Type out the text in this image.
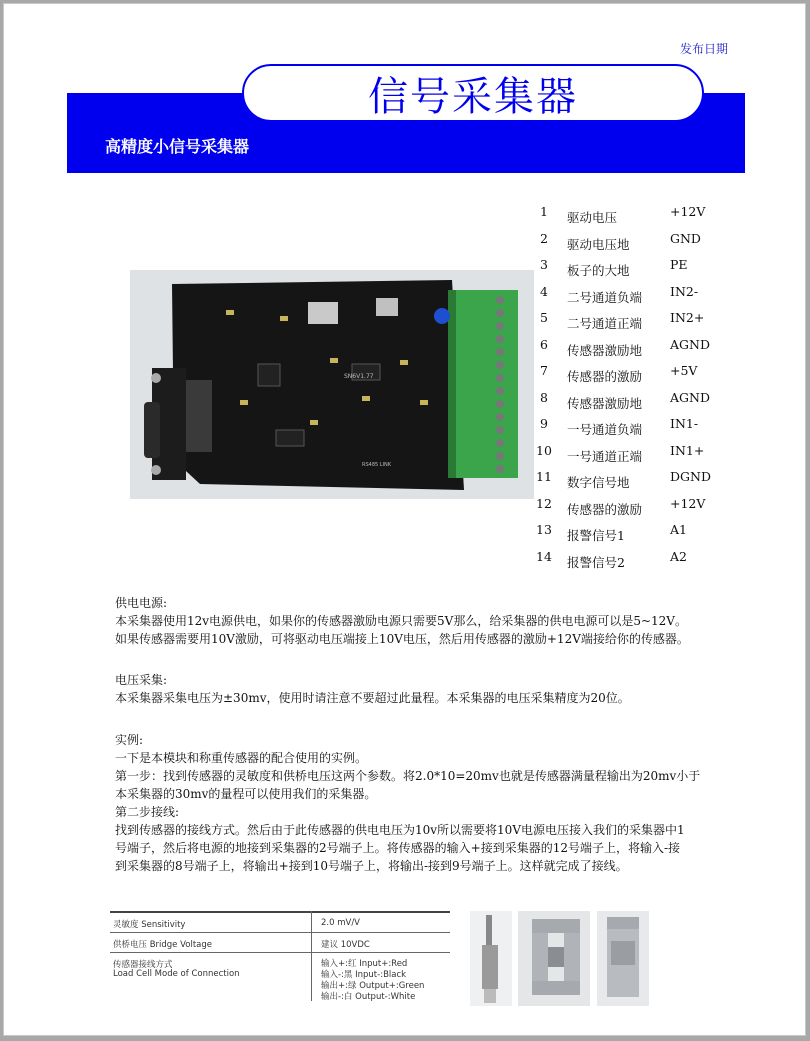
发布日期
高精度小信号采集器
信号采集器
SN6V1.77
RS485 LINK
1	驱动电压	+12V
2	驱动电压地	GND
3	板子的大地	PE
4	二号通道负端 IN2-
5	二号通道正端 IN2+
6	传感器激励地 AGND
7	传感器的激励 +5V
8	传感器激励地 AGND
9	一号通道负端 IN1-
10 一号通道正端 IN1+
11 数字信号地	DGND
12 传感器的激励 +12V
13 报警信号1	A1
14 报警信号2	A2
供电电源:
本采集器使用12v电源供电，如果你的传感器激励电源只需要5V那么，给采集器的供电电源可以是5~12V。
如果传感器需要用10V激励，可将驱动电压端接上10V电压，然后用传感器的激励+12V端接给你的传感器。
电压采集:
本采集器采集电压为±30mv，使用时请注意不要超过此量程。本采集器的电压采集精度为20位。
实例:
一下是本模块和称重传感器的配合使用的实例。
第一步：找到传感器的灵敏度和供桥电压这两个参数。将2.0*10=20mv也就是传感器满量程输出为20mv小于
本采集器的30mv的量程可以使用我们的采集器。
第二步接线:
找到传感器的接线方式。然后由于此传感器的供电电压为10v所以需要将10V电源电压接入我们的采集器中1
号端子，然后将电源的地接到采集器的2号端子上。将传感器的输入+接到采集器的12号端子上，将输入-接
到采集器的8号端子上，将输出+接到10号端子上，将输出-接到9号端子上。这样就完成了接线。
灵敏度 Sensitivity	2.0 mV/V
供桥电压 Bridge Voltage	建议 10VDC
传感器接线方式
Load Cell Mode of Connection
输入+:红 Input+:Red
输入-:黑 Input-:Black
输出+:绿 Output+:Green
输出-:白 Output-:White
